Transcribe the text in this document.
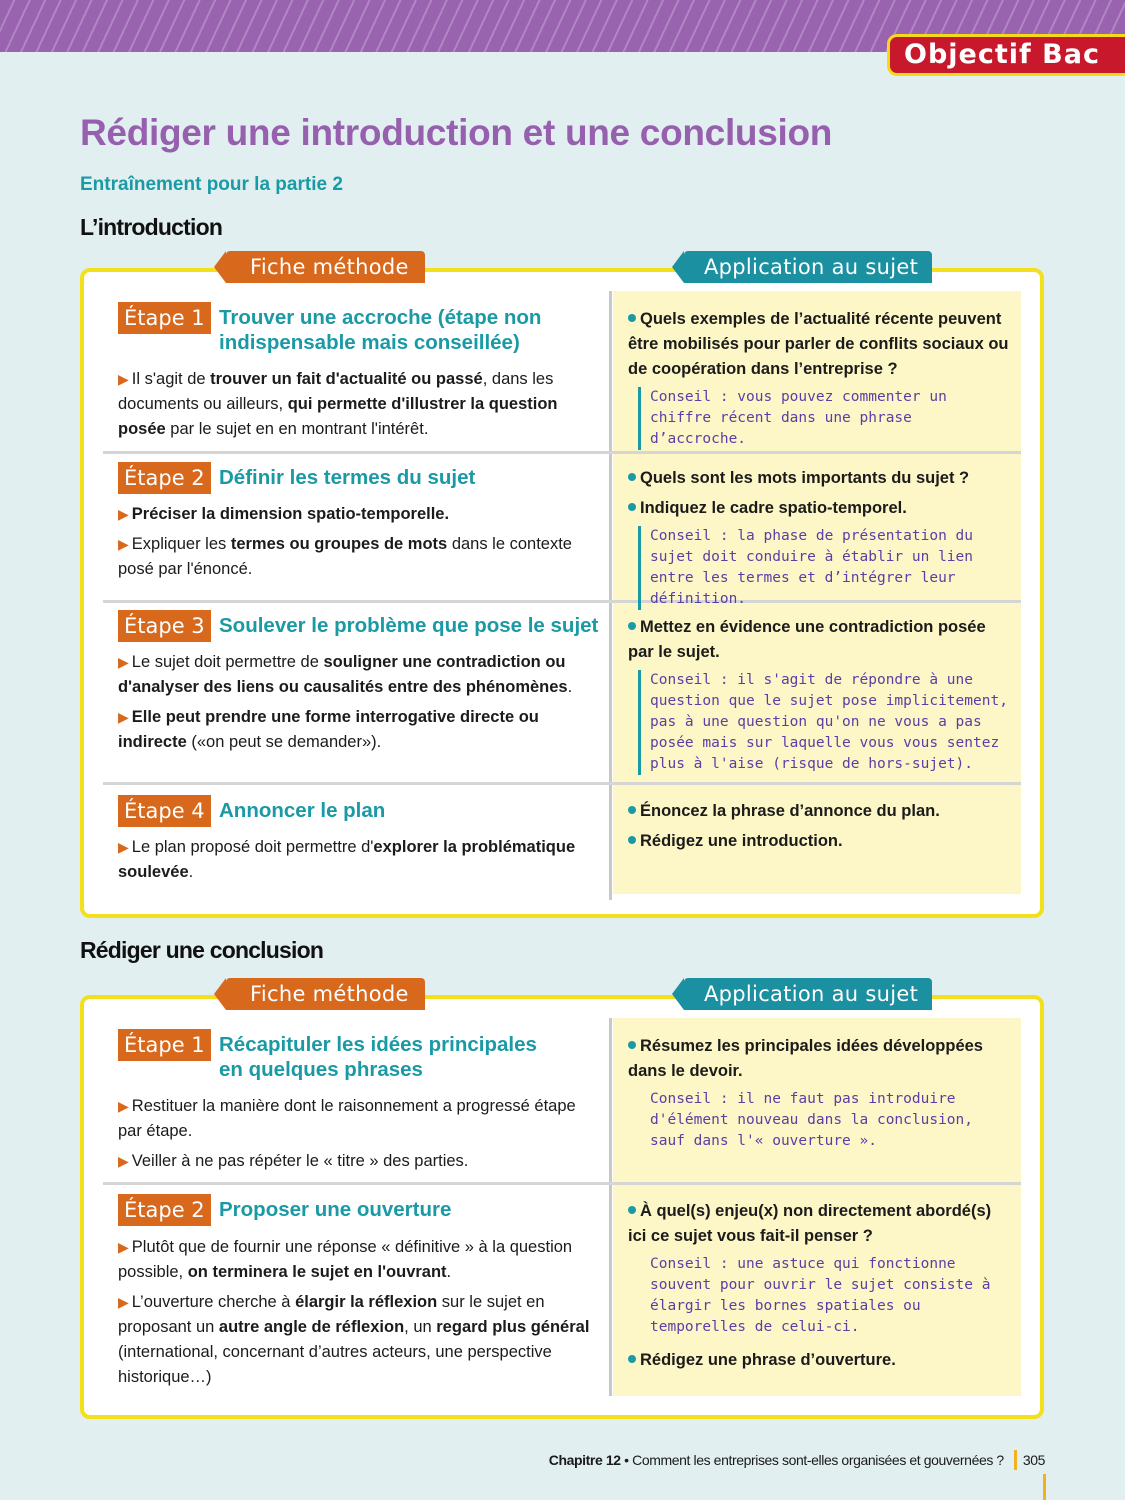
Objectif Bac
Rédiger une introduction et une conclusion
Entraînement pour la partie 2
L’introduction
Fiche méthode	Application au sujet
Étape 1 Trouver une accroche (étape non
indispensable mais conseillée)

▶ Il s'agit de trouver un fait d'actualité ou passé, dans les documents ou ailleurs, qui permette d'illustrer la question posée par le sujet en en montrant l'intérêt.

Quels exemples de l’actualité récente peuvent être mobilisés pour parler de conflits sociaux ou de coopération dans l’entreprise ?

Conseil : vous pouvez commenter un chiffre récent dans une phrase d’accroche.
Étape 2 Définir les termes du sujet

▶ Préciser la dimension spatio-temporelle.

▶ Expliquer les termes ou groupes de mots dans le contexte posé par l'énoncé.

Quels sont les mots importants du sujet ?

Indiquez le cadre spatio-temporel.

Conseil : la phase de présentation du sujet doit conduire à établir un lien entre les termes et d’intégrer leur définition.
Étape 3 Soulever le problème que pose le sujet

▶ Le sujet doit permettre de souligner une contradiction ou d'analyser des liens ou causalités entre des phénomènes.

▶ Elle peut prendre une forme interrogative directe ou indirecte («on peut se demander»).

Mettez en évidence une contradiction posée par le sujet.

Conseil : il s'agit de répondre à une question que le sujet pose implicitement, pas à une question qu'on ne vous a pas posée mais sur laquelle vous vous sentez plus à l'aise (risque de hors-sujet).
Étape 4 Annoncer le plan

▶ Le plan proposé doit permettre d'explorer la problématique soulevée.

Énoncez la phrase d’annonce du plan.

Rédigez une introduction.

Rédiger une conclusion
Fiche méthode	Application au sujet
Étape 1 Récapituler les idées principales
en quelques phrases

▶ Restituer la manière dont le raisonnement a progressé étape par étape.

▶ Veiller à ne pas répéter le « titre » des parties.

Résumez les principales idées développées dans le devoir.

Conseil : il ne faut pas introduire d'élément nouveau dans la conclusion, sauf dans l'« ouverture ».
Étape 2 Proposer une ouverture

▶ Plutôt que de fournir une réponse « définitive » à la question possible, on terminera le sujet en l'ouvrant.

▶ L’ouverture cherche à élargir la réflexion sur le sujet en proposant un autre angle de réflexion, un regard plus général (international, concernant d’autres acteurs, une perspective historique…)

À quel(s) enjeu(x) non directement abordé(s) ici ce sujet vous fait-il penser ?

Conseil : une astuce qui fonctionne souvent pour ouvrir le sujet consiste à élargir les bornes spatiales ou temporelles de celui-ci.

Rédigez une phrase d’ouverture.

Chapitre 12 • Comment les entreprises sont-elles organisées et gouvernées ? 305
